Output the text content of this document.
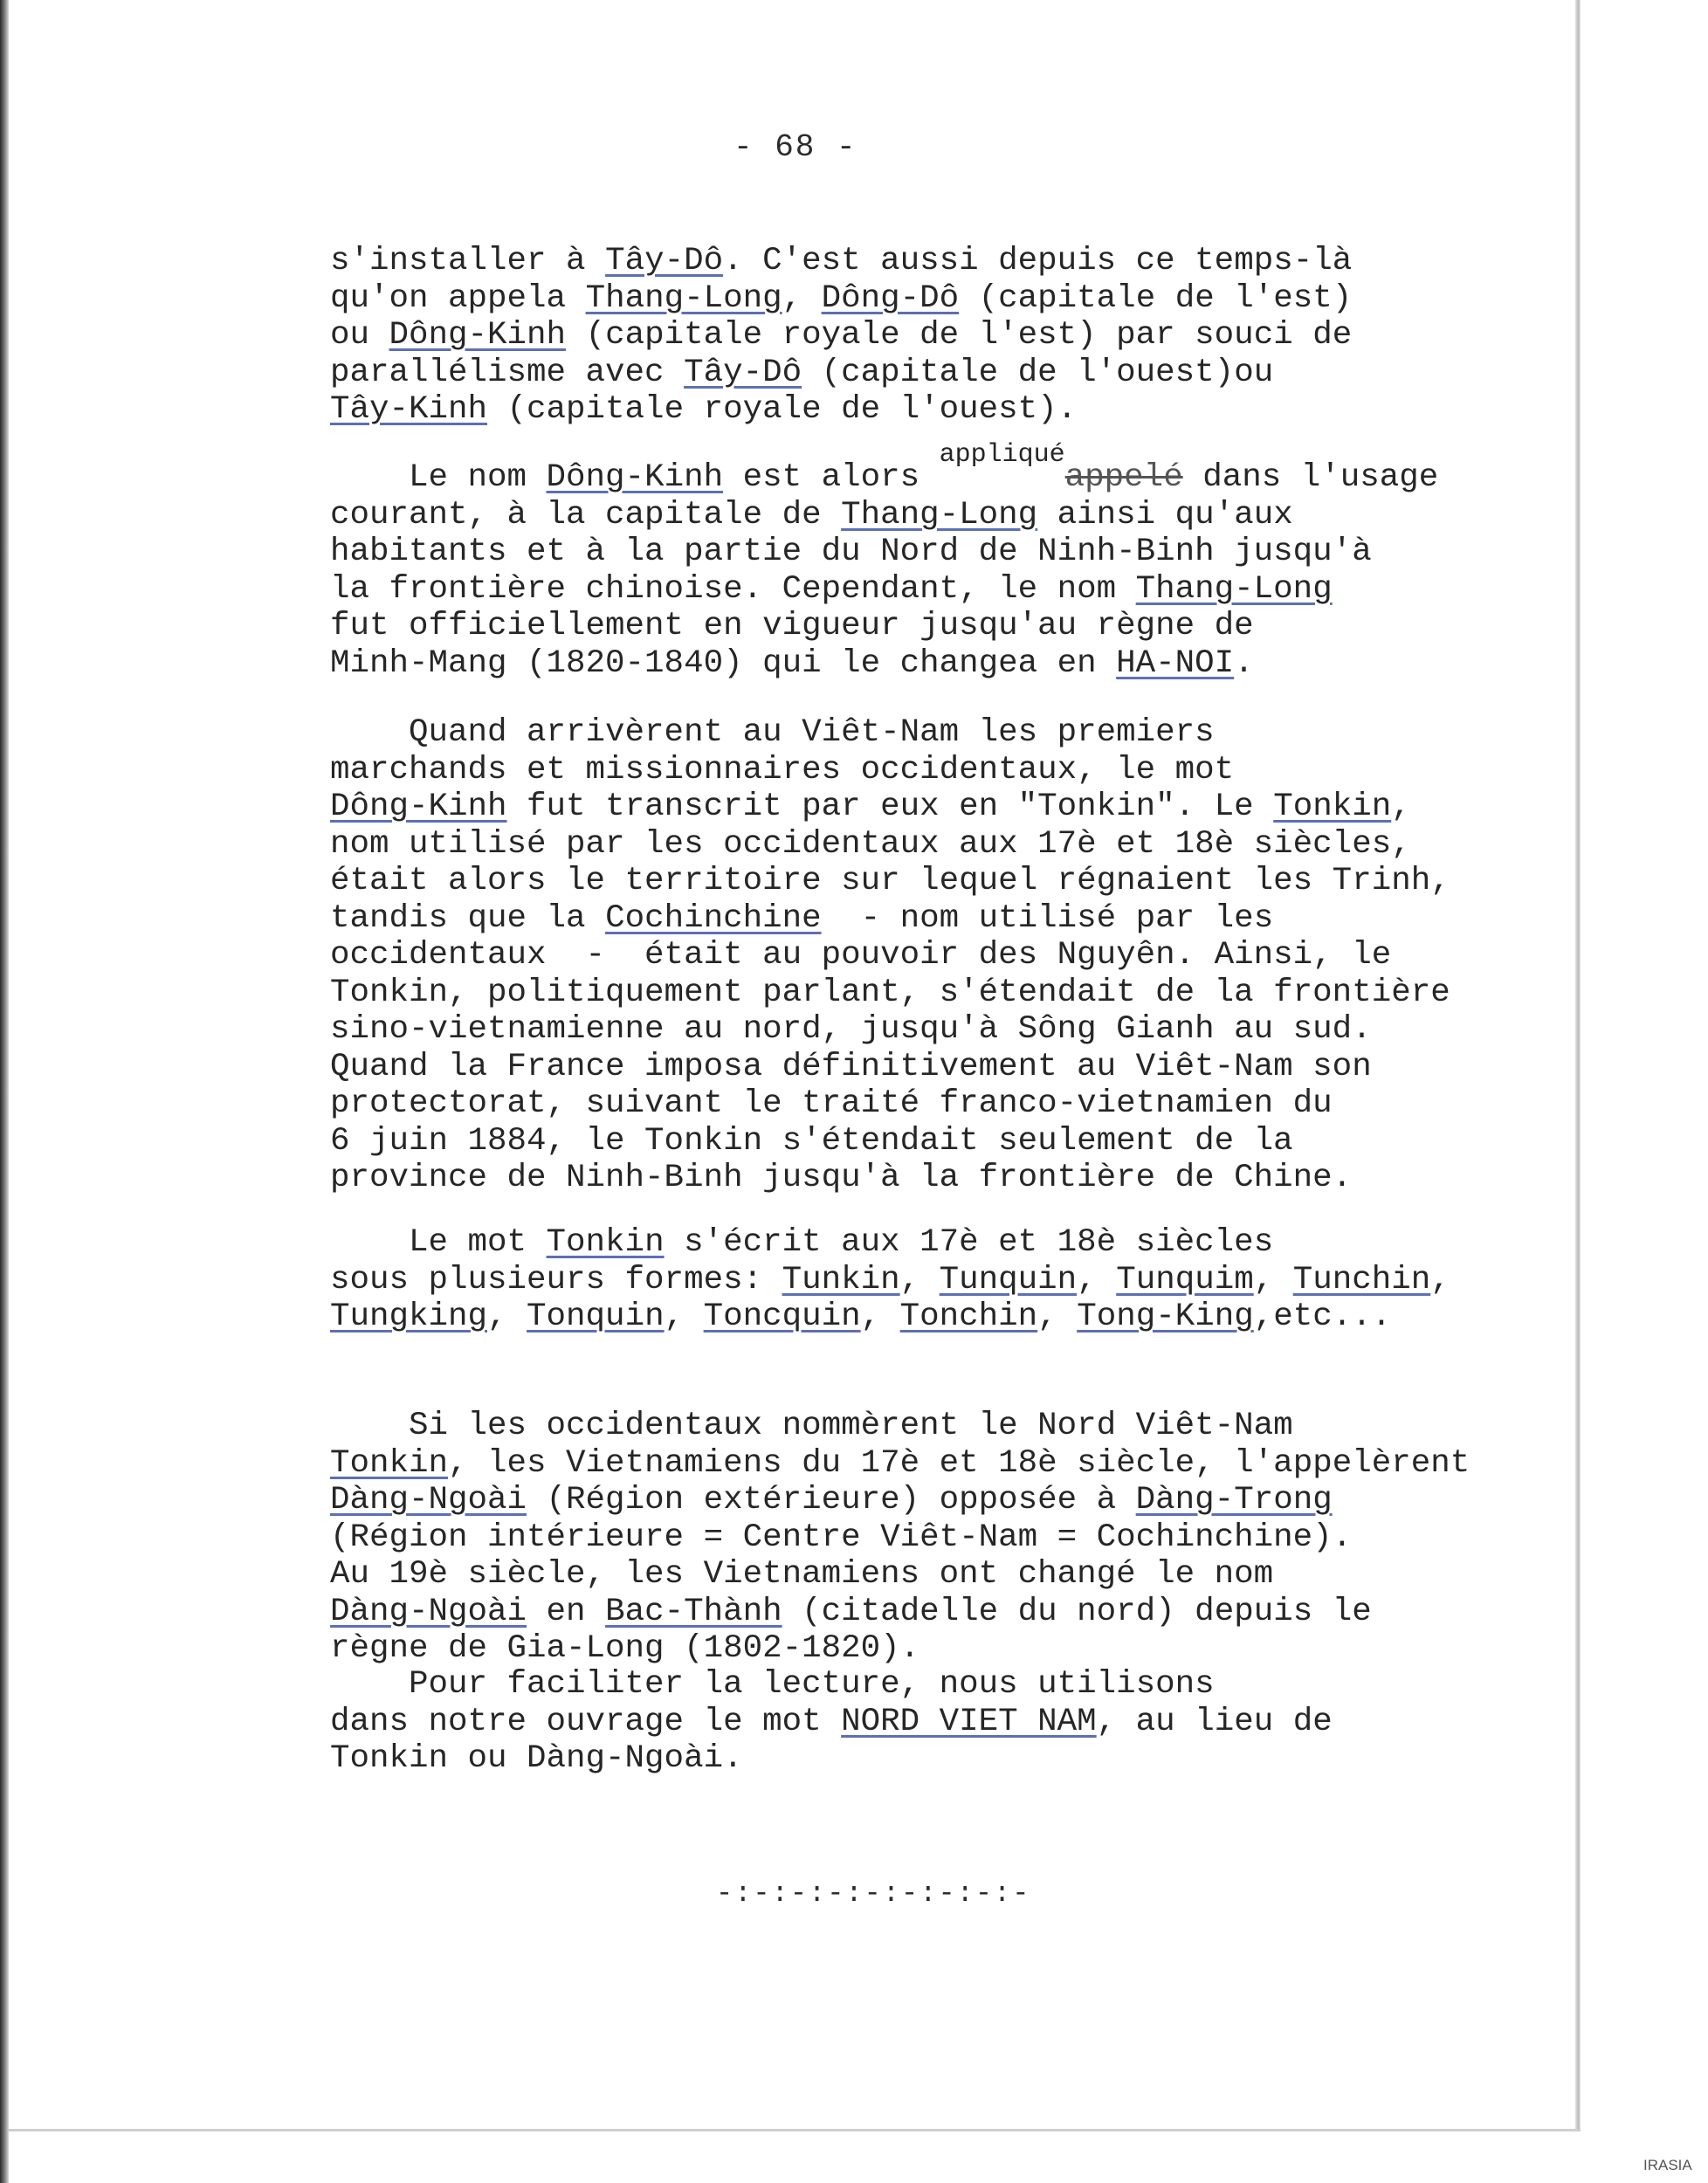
- 68 -

s'installer à Tây-Dô. C'est aussi depuis ce temps-là
qu'on appela Thang-Long, Dông-Dô (capitale de l'est)
ou Dông-Kinh (capitale royale de l'est) par souci de
parallélisme avec Tây-Dô (capitale de l'ouest)ou
Tây-Kinh (capitale royale de l'ouest).
Le nom Dông-Kinh est alors $^{appliqué}$appelé dans l'usage
courant, à la capitale de Thang-Long ainsi qu'aux
habitants et à la partie du Nord de Ninh-Binh jusqu'à
la frontière chinoise. Cependant, le nom Thang-Long
fut officiellement en vigueur jusqu'au règne de
Minh-Mang (1820-1840) qui le changea en HA-NOI.
Quand arrivèrent au Viêt-Nam les premiers
marchands et missionnaires occidentaux, le mot
Dông-Kinh fut transcrit par eux en "Tonkin". Le Tonkin,
nom utilisé par les occidentaux aux 17è et 18è siècles,
était alors le territoire sur lequel régnaient les Trinh,
tandis que la Cochinchine  - nom utilisé par les
occidentaux  -  était au pouvoir des Nguyên. Ainsi, le
Tonkin, politiquement parlant, s'étendait de la frontière
sino-vietnamienne au nord, jusqu'à Sông Gianh au sud.
Quand la France imposa définitivement au Viêt-Nam son
protectorat, suivant le traité franco-vietnamien du
6 juin 1884, le Tonkin s'étendait seulement de la
province de Ninh-Binh jusqu'à la frontière de Chine.
Le mot Tonkin s'écrit aux 17è et 18è siècles
sous plusieurs formes: Tunkin, Tunquin, Tunquim, Tunchin,
Tungking, Tonquin, Toncquin, Tonchin, Tong-King,etc...
Si les occidentaux nommèrent le Nord Viêt-Nam
Tonkin, les Vietnamiens du 17è et 18è siècle, l'appelèrent
Dàng-Ngoài (Région extérieure) opposée à Dàng-Trong
(Région intérieure = Centre Viêt-Nam = Cochinchine).
Au 19è siècle, les Vietnamiens ont changé le nom
Dàng-Ngoài en Bac-Thành (citadelle du nord) depuis le
règne de Gia-Long (1802-1820).
Pour faciliter la lecture, nous utilisons
dans notre ouvrage le mot NORD VIET NAM, au lieu de
Tonkin ou Dàng-Ngoài.

-:-:-:-:-:-:-:-:-

IRASIA
